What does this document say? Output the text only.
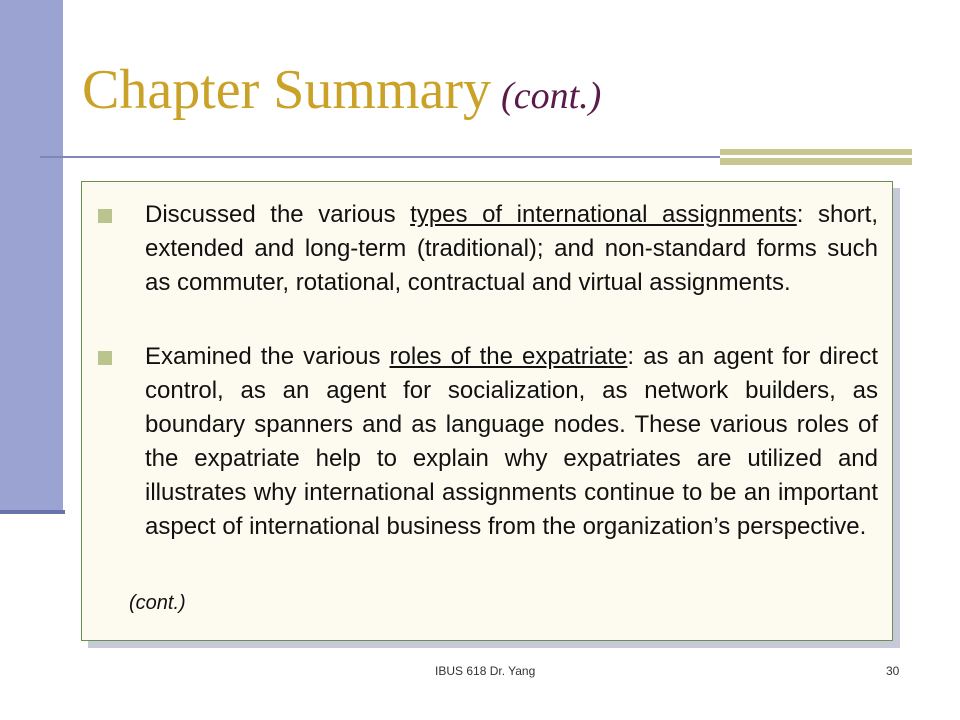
Chapter Summary (cont.)
Discussed the various types of international assignments: short, extended and long-term (traditional); and non-standard forms such as commuter, rotational, contractual and virtual assignments.
Examined the various roles of the expatriate: as an agent for direct control, as an agent for socialization, as network builders, as boundary spanners and as language nodes. These various roles of the expatriate help to explain why expatriates are utilized and illustrates why international assignments continue to be an important aspect of international business from the organization’s perspective.
(cont.)
IBUS 618 Dr. Yang	30
